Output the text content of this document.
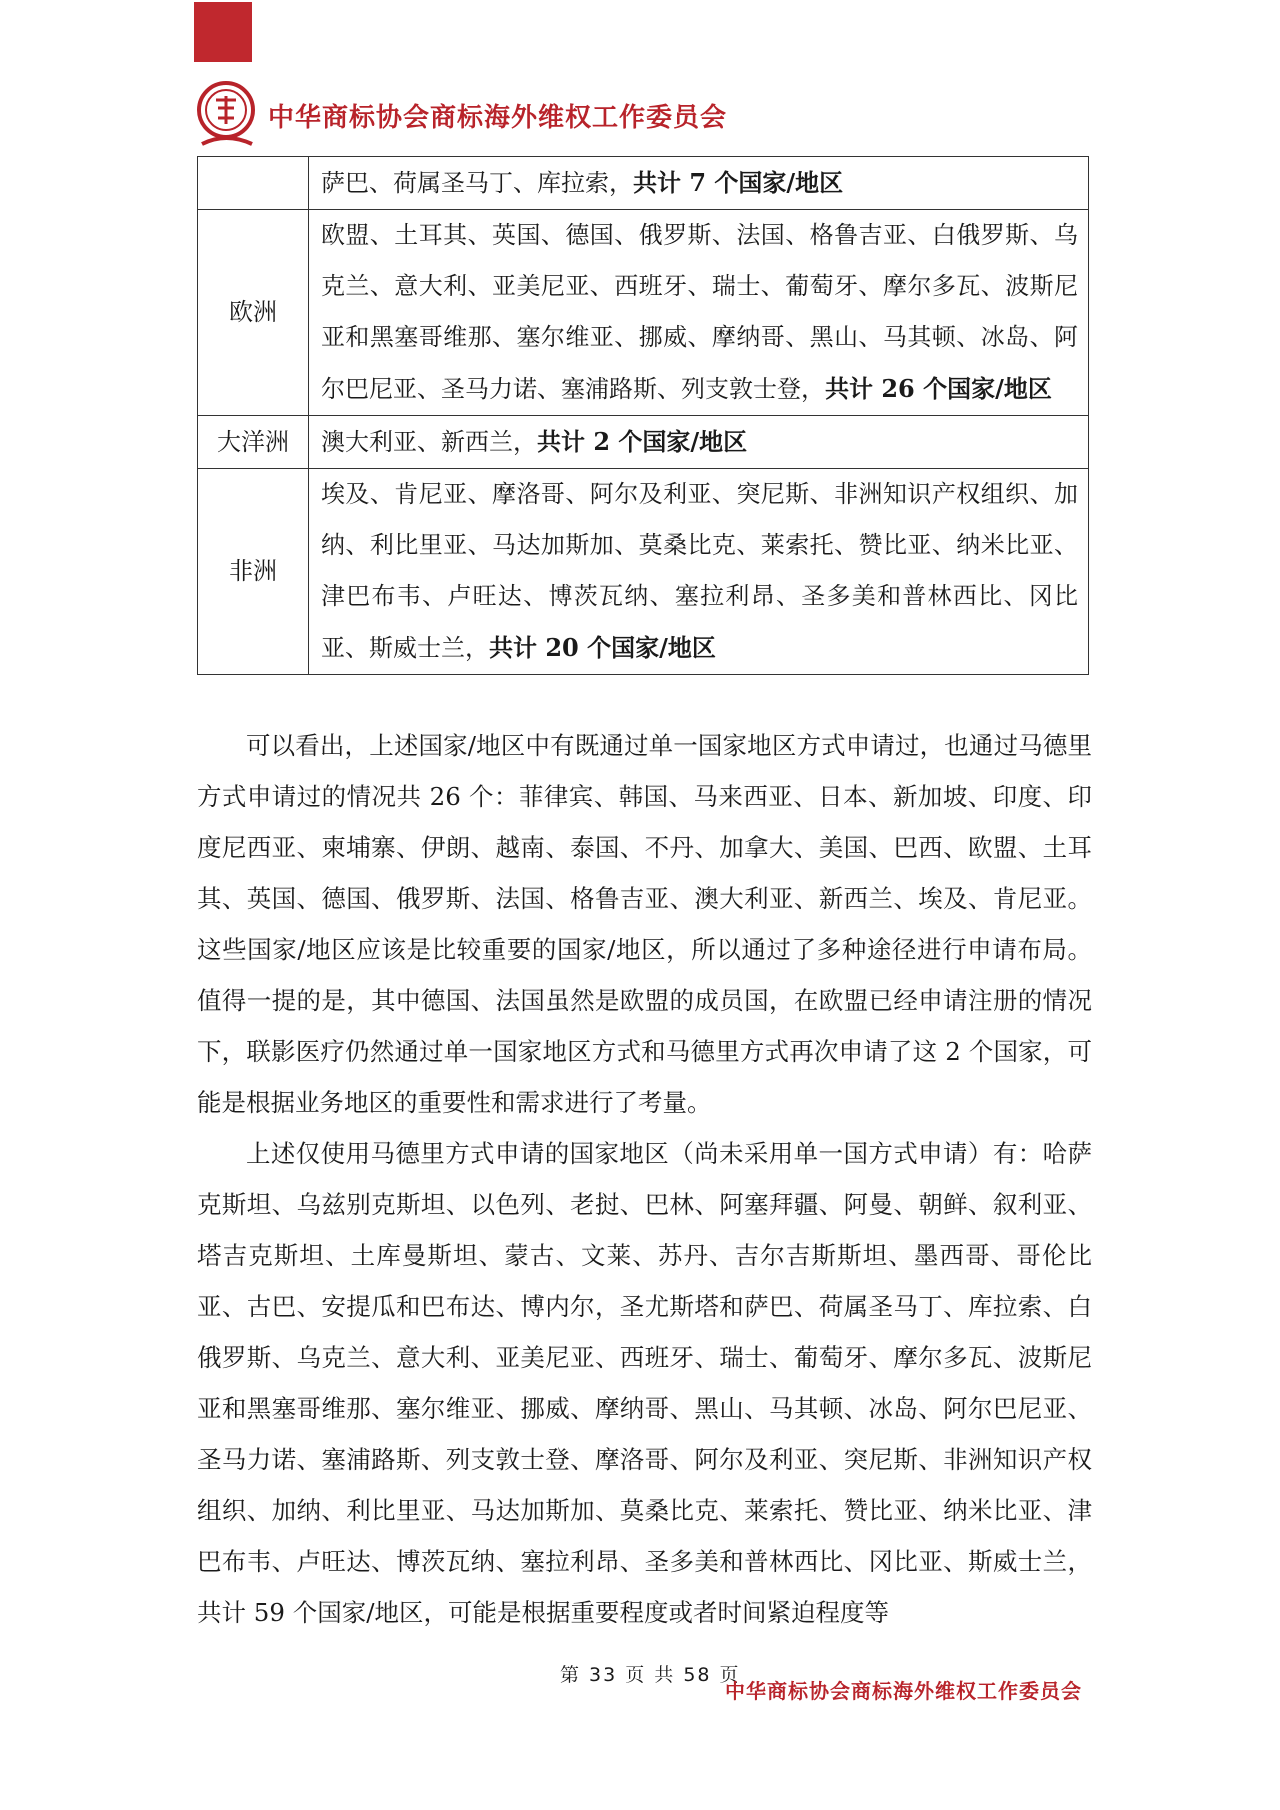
中华商标协会商标海外维权工作委员会
	萨巴、荷属圣马丁、库拉索，共计 7 个国家/地区
欧洲	欧盟、土耳其、英国、德国、俄罗斯、法国、格鲁吉亚、白俄罗斯、乌克兰、意大利、亚美尼亚、西班牙、瑞士、葡萄牙、摩尔多瓦、波斯尼亚和黑塞哥维那、塞尔维亚、挪威、摩纳哥、黑山、马其顿、冰岛、阿尔巴尼亚、圣马力诺、塞浦路斯、列支敦士登，共计 26 个国家/地区
大洋洲	澳大利亚、新西兰，共计 2 个国家/地区
非洲	埃及、肯尼亚、摩洛哥、阿尔及利亚、突尼斯、非洲知识产权组织、加纳、利比里亚、马达加斯加、莫桑比克、莱索托、赞比亚、纳米比亚、津巴布韦、卢旺达、博茨瓦纳、塞拉利昂、圣多美和普林西比、冈比亚、斯威士兰，共计 20 个国家/地区

可以看出，上述国家/地区中有既通过单一国家地区方式申请过，也通过马德里方式申请过的情况共 26 个：菲律宾、韩国、马来西亚、日本、新加坡、印度、印度尼西亚、柬埔寨、伊朗、越南、泰国、不丹、加拿大、美国、巴西、欧盟、土耳其、英国、德国、俄罗斯、法国、格鲁吉亚、澳大利亚、新西兰、埃及、肯尼亚。这些国家/地区应该是比较重要的国家/地区，所以通过了多种途径进行申请布局。值得一提的是，其中德国、法国虽然是欧盟的成员国，在欧盟已经申请注册的情况下，联影医疗仍然通过单一国家地区方式和马德里方式再次申请了这 2 个国家，可能是根据业务地区的重要性和需求进行了考量。

上述仅使用马德里方式申请的国家地区（尚未采用单一国方式申请）有：哈萨克斯坦、乌兹别克斯坦、以色列、老挝、巴林、阿塞拜疆、阿曼、朝鲜、叙利亚、塔吉克斯坦、土库曼斯坦、蒙古、文莱、苏丹、吉尔吉斯斯坦、墨西哥、哥伦比亚、古巴、安提瓜和巴布达、博内尔，圣尤斯塔和萨巴、荷属圣马丁、库拉索、白俄罗斯、乌克兰、意大利、亚美尼亚、西班牙、瑞士、葡萄牙、摩尔多瓦、波斯尼亚和黑塞哥维那、塞尔维亚、挪威、摩纳哥、黑山、马其顿、冰岛、阿尔巴尼亚、圣马力诺、塞浦路斯、列支敦士登、摩洛哥、阿尔及利亚、突尼斯、非洲知识产权组织、加纳、利比里亚、马达加斯加、莫桑比克、莱索托、赞比亚、纳米比亚、津巴布韦、卢旺达、博茨瓦纳、塞拉利昂、圣多美和普林西比、冈比亚、斯威士兰，共计 59 个国家/地区，可能是根据重要程度或者时间紧迫程度等

第 33 页 共 58 页
中华商标协会商标海外维权工作委员会
